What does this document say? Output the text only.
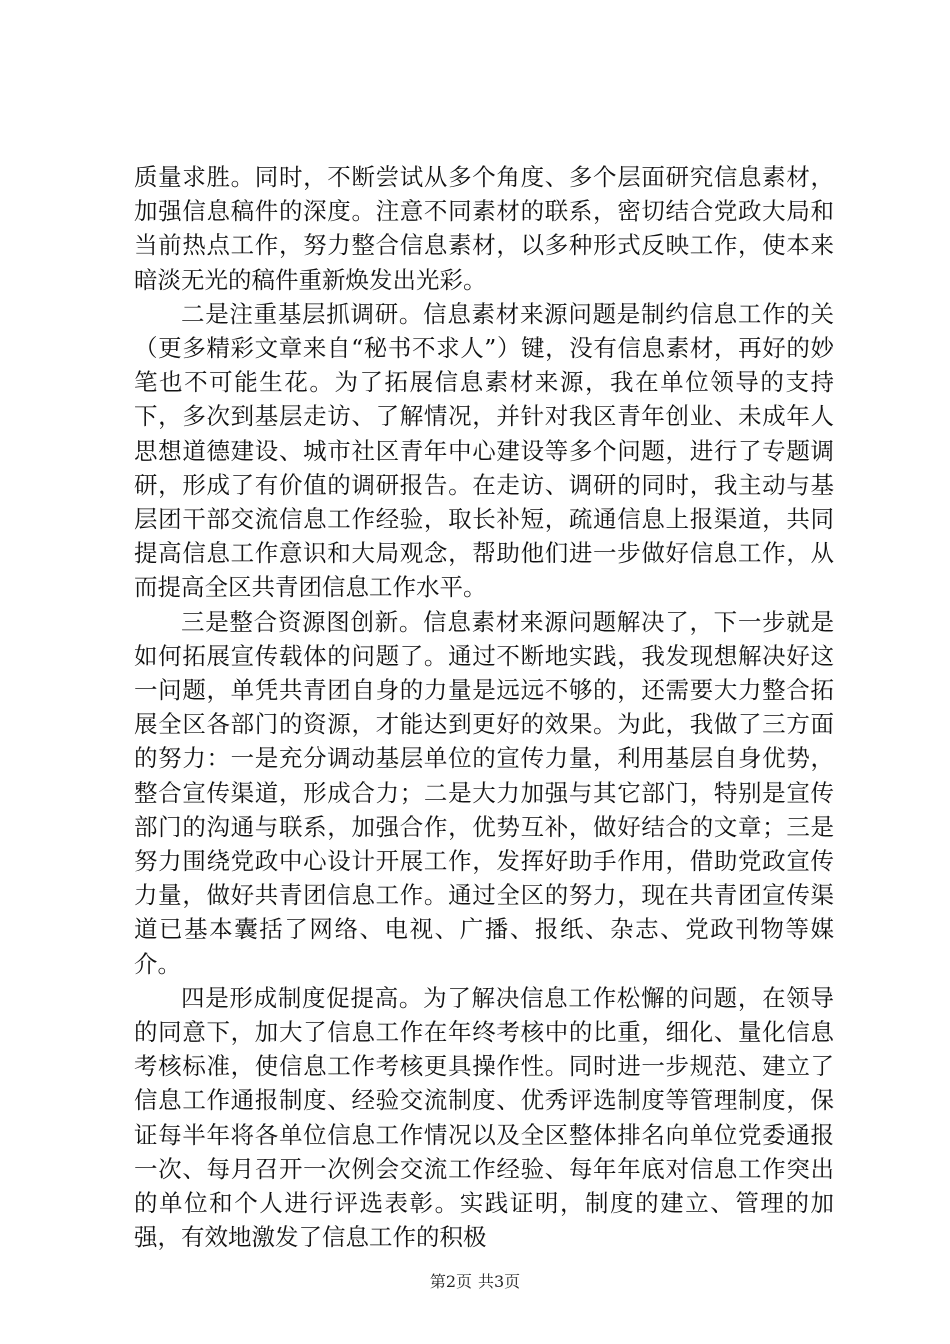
质量求胜。同时，不断尝试从多个角度、多个层面研究信息素材，加强信息稿件的深度。注意不同素材的联系，密切结合党政大局和当前热点工作，努力整合信息素材，以多种形式反映工作，使本来暗淡无光的稿件重新焕发出光彩。

二是注重基层抓调研。信息素材来源问题是制约信息工作的关（更多精彩文章来自“秘书不求人”）键，没有信息素材，再好的妙笔也不可能生花。为了拓展信息素材来源，我在单位领导的支持下，多次到基层走访、了解情况，并针对我区青年创业、未成年人思想道德建设、城市社区青年中心建设等多个问题，进行了专题调研，形成了有价值的调研报告。在走访、调研的同时，我主动与基层团干部交流信息工作经验，取长补短，疏通信息上报渠道，共同提高信息工作意识和大局观念，帮助他们进一步做好信息工作，从而提高全区共青团信息工作水平。

三是整合资源图创新。信息素材来源问题解决了，下一步就是如何拓展宣传载体的问题了。通过不断地实践，我发现想解决好这一问题，单凭共青团自身的力量是远远不够的，还需要大力整合拓展全区各部门的资源，才能达到更好的效果。为此，我做了三方面的努力：一是充分调动基层单位的宣传力量，利用基层自身优势，整合宣传渠道，形成合力；二是大力加强与其它部门，特别是宣传部门的沟通与联系，加强合作，优势互补，做好结合的文章；三是努力围绕党政中心设计开展工作，发挥好助手作用，借助党政宣传力量，做好共青团信息工作。通过全区的努力，现在共青团宣传渠道已基本囊括了网络、电视、广播、报纸、杂志、党政刊物等媒介。

四是形成制度促提高。为了解决信息工作松懈的问题，在领导的同意下，加大了信息工作在年终考核中的比重，细化、量化信息考核标准，使信息工作考核更具操作性。同时进一步规范、建立了信息工作通报制度、经验交流制度、优秀评选制度等管理制度，保证每半年将各单位信息工作情况以及全区整体排名向单位党委通报一次、每月召开一次例会交流工作经验、每年年底对信息工作突出的单位和个人进行评选表彰。实践证明，制度的建立、管理的加强，有效地激发了信息工作的积极

第2页 共3页
